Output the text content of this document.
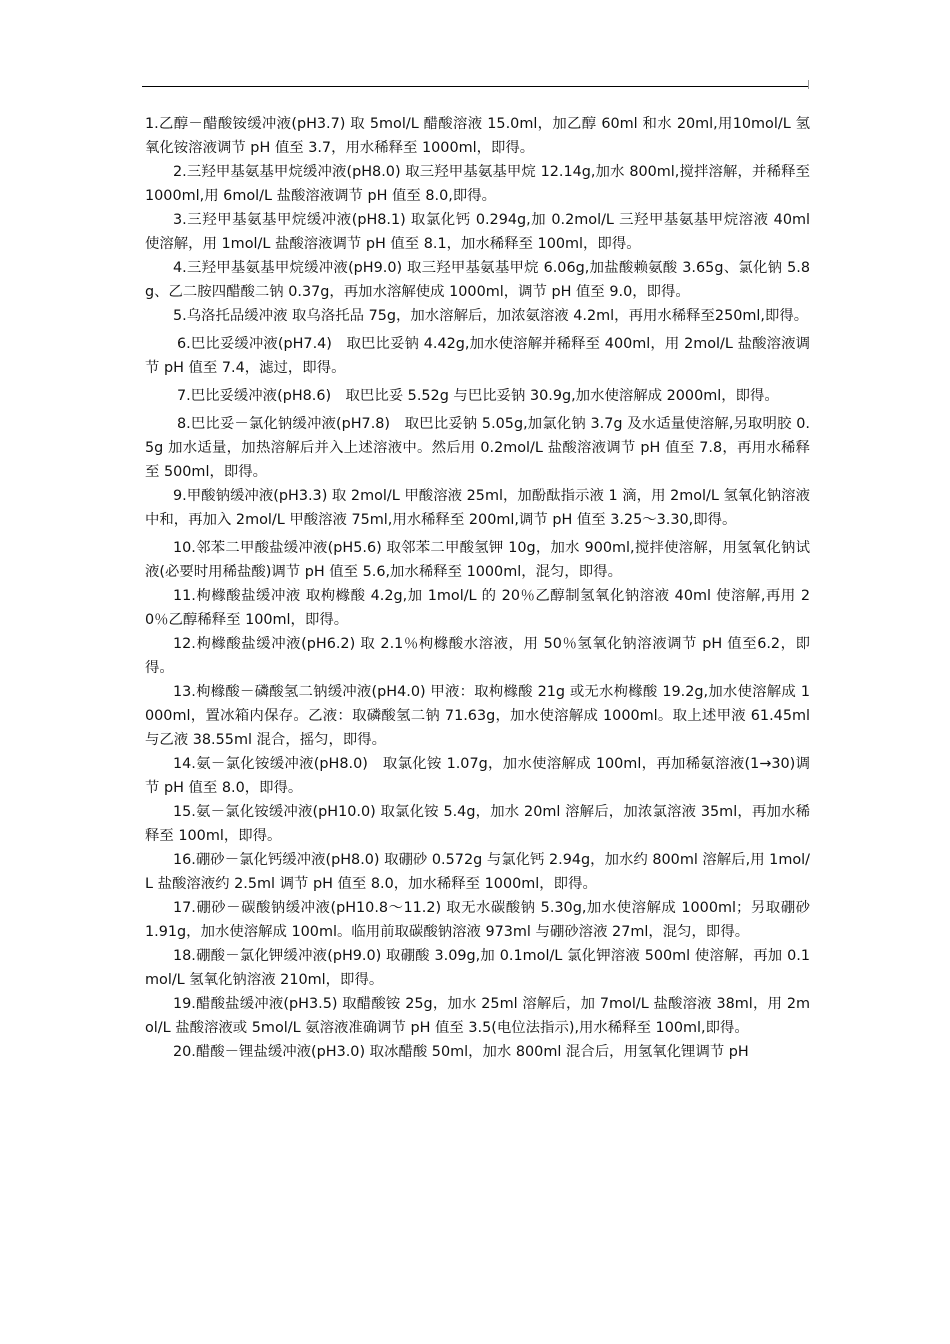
1.乙醇－醋酸铵缓冲液(pH3.7) 取 5mol/L 醋酸溶液 15.0ml，加乙醇 60ml 和水 20ml,用10mol/L 氢氧化铵溶液调节 pH 值至 3.7，用水稀释至 1000ml，即得。

2.三羟甲基氨基甲烷缓冲液(pH8.0) 取三羟甲基氨基甲烷 12.14g,加水 800ml,搅拌溶解，并稀释至 1000ml,用 6mol/L 盐酸溶液调节 pH 值至 8.0,即得。

3.三羟甲基氨基甲烷缓冲液(pH8.1) 取氯化钙 0.294g,加 0.2mol/L 三羟甲基氨基甲烷溶液 40ml 使溶解，用 1mol/L 盐酸溶液调节 pH 值至 8.1，加水稀释至 100ml，即得。

4.三羟甲基氨基甲烷缓冲液(pH9.0) 取三羟甲基氨基甲烷 6.06g,加盐酸赖氨酸 3.65g、氯化钠 5.8g、乙二胺四醋酸二钠 0.37g，再加水溶解使成 1000ml，调节 pH 值至 9.0，即得。

5.乌洛托品缓冲液 取乌洛托品 75g，加水溶解后，加浓氨溶液 4.2ml，再用水稀释至250ml,即得。

6.巴比妥缓冲液(pH7.4)　取巴比妥钠 4.42g,加水使溶解并稀释至 400ml，用 2mol/L 盐酸溶液调节 pH 值至 7.4，滤过，即得。

7.巴比妥缓冲液(pH8.6)　取巴比妥 5.52g 与巴比妥钠 30.9g,加水使溶解成 2000ml，即得。

8.巴比妥－氯化钠缓冲液(pH7.8)　取巴比妥钠 5.05g,加氯化钠 3.7g 及水适量使溶解,另取明胶 0.5g 加水适量，加热溶解后并入上述溶液中。然后用 0.2mol/L 盐酸溶液调节 pH 值至 7.8，再用水稀释至 500ml，即得。

9.甲酸钠缓冲液(pH3.3) 取 2mol/L 甲酸溶液 25ml，加酚酞指示液 1 滴，用 2mol/L 氢氧化钠溶液中和，再加入 2mol/L 甲酸溶液 75ml,用水稀释至 200ml,调节 pH 值至 3.25～3.30,即得。

10.邻苯二甲酸盐缓冲液(pH5.6) 取邻苯二甲酸氢钾 10g，加水 900ml,搅拌使溶解，用氢氧化钠试液(必要时用稀盐酸)调节 pH 值至 5.6,加水稀释至 1000ml，混匀，即得。

11.枸橼酸盐缓冲液 取枸橼酸 4.2g,加 1mol/L 的 20％乙醇制氢氧化钠溶液 40ml 使溶解,再用 20％乙醇稀释至 100ml，即得。

12.枸橼酸盐缓冲液(pH6.2) 取 2.1％枸橼酸水溶液，用 50％氢氧化钠溶液调节 pH 值至6.2，即得。

13.枸橼酸－磷酸氢二钠缓冲液(pH4.0) 甲液：取枸橼酸 21g 或无水枸橼酸 19.2g,加水使溶解成 1000ml，置冰箱内保存。乙液：取磷酸氢二钠 71.63g，加水使溶解成 1000ml。取上述甲液 61.45ml 与乙液 38.55ml 混合，摇匀，即得。

14.氨－氯化铵缓冲液(pH8.0)　取氯化铵 1.07g，加水使溶解成 100ml，再加稀氨溶液(1→30)调节 pH 值至 8.0，即得。

15.氨－氯化铵缓冲液(pH10.0) 取氯化铵 5.4g，加水 20ml 溶解后，加浓氯溶液 35ml，再加水稀释至 100ml，即得。

16.硼砂－氯化钙缓冲液(pH8.0) 取硼砂 0.572g 与氯化钙 2.94g，加水约 800ml 溶解后,用 1mol/L 盐酸溶液约 2.5ml 调节 pH 值至 8.0，加水稀释至 1000ml，即得。

17.硼砂－碳酸钠缓冲液(pH10.8～11.2) 取无水碳酸钠 5.30g,加水使溶解成 1000ml；另取硼砂 1.91g，加水使溶解成 100ml。临用前取碳酸钠溶液 973ml 与硼砂溶液 27ml，混匀，即得。

18.硼酸－氯化钾缓冲液(pH9.0) 取硼酸 3.09g,加 0.1mol/L 氯化钾溶液 500ml 使溶解，再加 0.1mol/L 氢氧化钠溶液 210ml，即得。

19.醋酸盐缓冲液(pH3.5) 取醋酸铵 25g，加水 25ml 溶解后，加 7mol/L 盐酸溶液 38ml，用 2mol/L 盐酸溶液或 5mol/L 氨溶液准确调节 pH 值至 3.5(电位法指示),用水稀释至 100ml,即得。

20.醋酸－锂盐缓冲液(pH3.0) 取冰醋酸 50ml，加水 800ml 混合后，用氢氧化锂调节 pH
